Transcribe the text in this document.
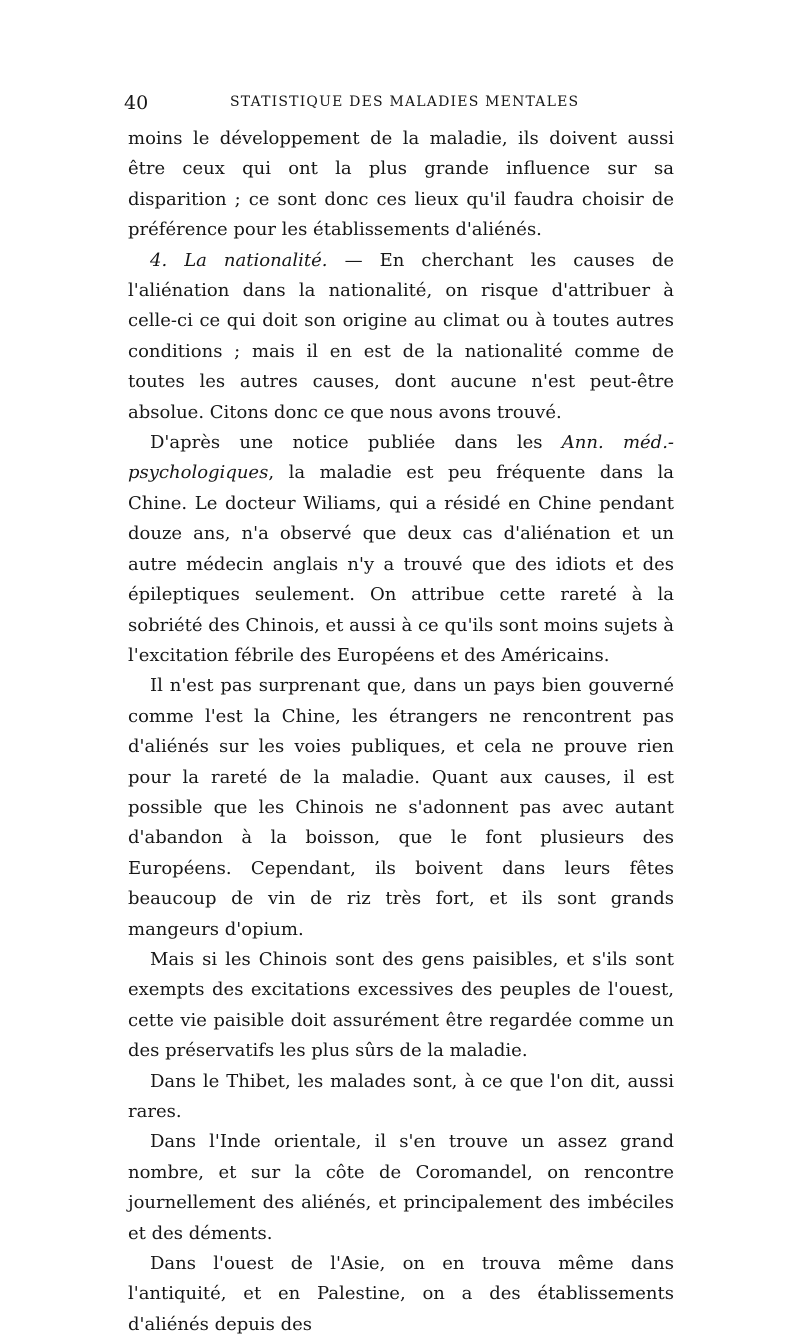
40	STATISTIQUE DES MALADIES MENTALES

moins le développement de la maladie, ils doivent aussi être ceux qui ont la plus grande influence sur sa disparition ; ce sont donc ces lieux qu'il faudra choisir de préférence pour les établissements d'aliénés.

4. La nationalité. — En cherchant les causes de l'aliénation dans la nationalité, on risque d'attribuer à celle-ci ce qui doit son origine au climat ou à toutes autres conditions ; mais il en est de la nationalité comme de toutes les autres causes, dont aucune n'est peut-être absolue. Citons donc ce que nous avons trouvé.

D'après une notice publiée dans les Ann. méd.-psychologiques, la maladie est peu fréquente dans la Chine. Le docteur Wiliams, qui a résidé en Chine pendant douze ans, n'a observé que deux cas d'aliénation et un autre médecin anglais n'y a trouvé que des idiots et des épileptiques seulement. On attribue cette rareté à la sobriété des Chinois, et aussi à ce qu'ils sont moins sujets à l'excitation fébrile des Européens et des Américains.

Il n'est pas surprenant que, dans un pays bien gouverné comme l'est la Chine, les étrangers ne rencontrent pas d'aliénés sur les voies publiques, et cela ne prouve rien pour la rareté de la maladie. Quant aux causes, il est possible que les Chinois ne s'adonnent pas avec autant d'abandon à la boisson, que le font plusieurs des Européens. Cependant, ils boivent dans leurs fêtes beaucoup de vin de riz très fort, et ils sont grands mangeurs d'opium.

Mais si les Chinois sont des gens paisibles, et s'ils sont exempts des excitations excessives des peuples de l'ouest, cette vie paisible doit assurément être regardée comme un des préservatifs les plus sûrs de la maladie.

Dans le Thibet, les malades sont, à ce que l'on dit, aussi rares.

Dans l'Inde orientale, il s'en trouve un assez grand nombre, et sur la côte de Coromandel, on rencontre journellement des aliénés, et principalement des imbéciles et des déments.

Dans l'ouest de l'Asie, on en trouva même dans l'antiquité, et en Palestine, on a des établissements d'aliénés depuis des
